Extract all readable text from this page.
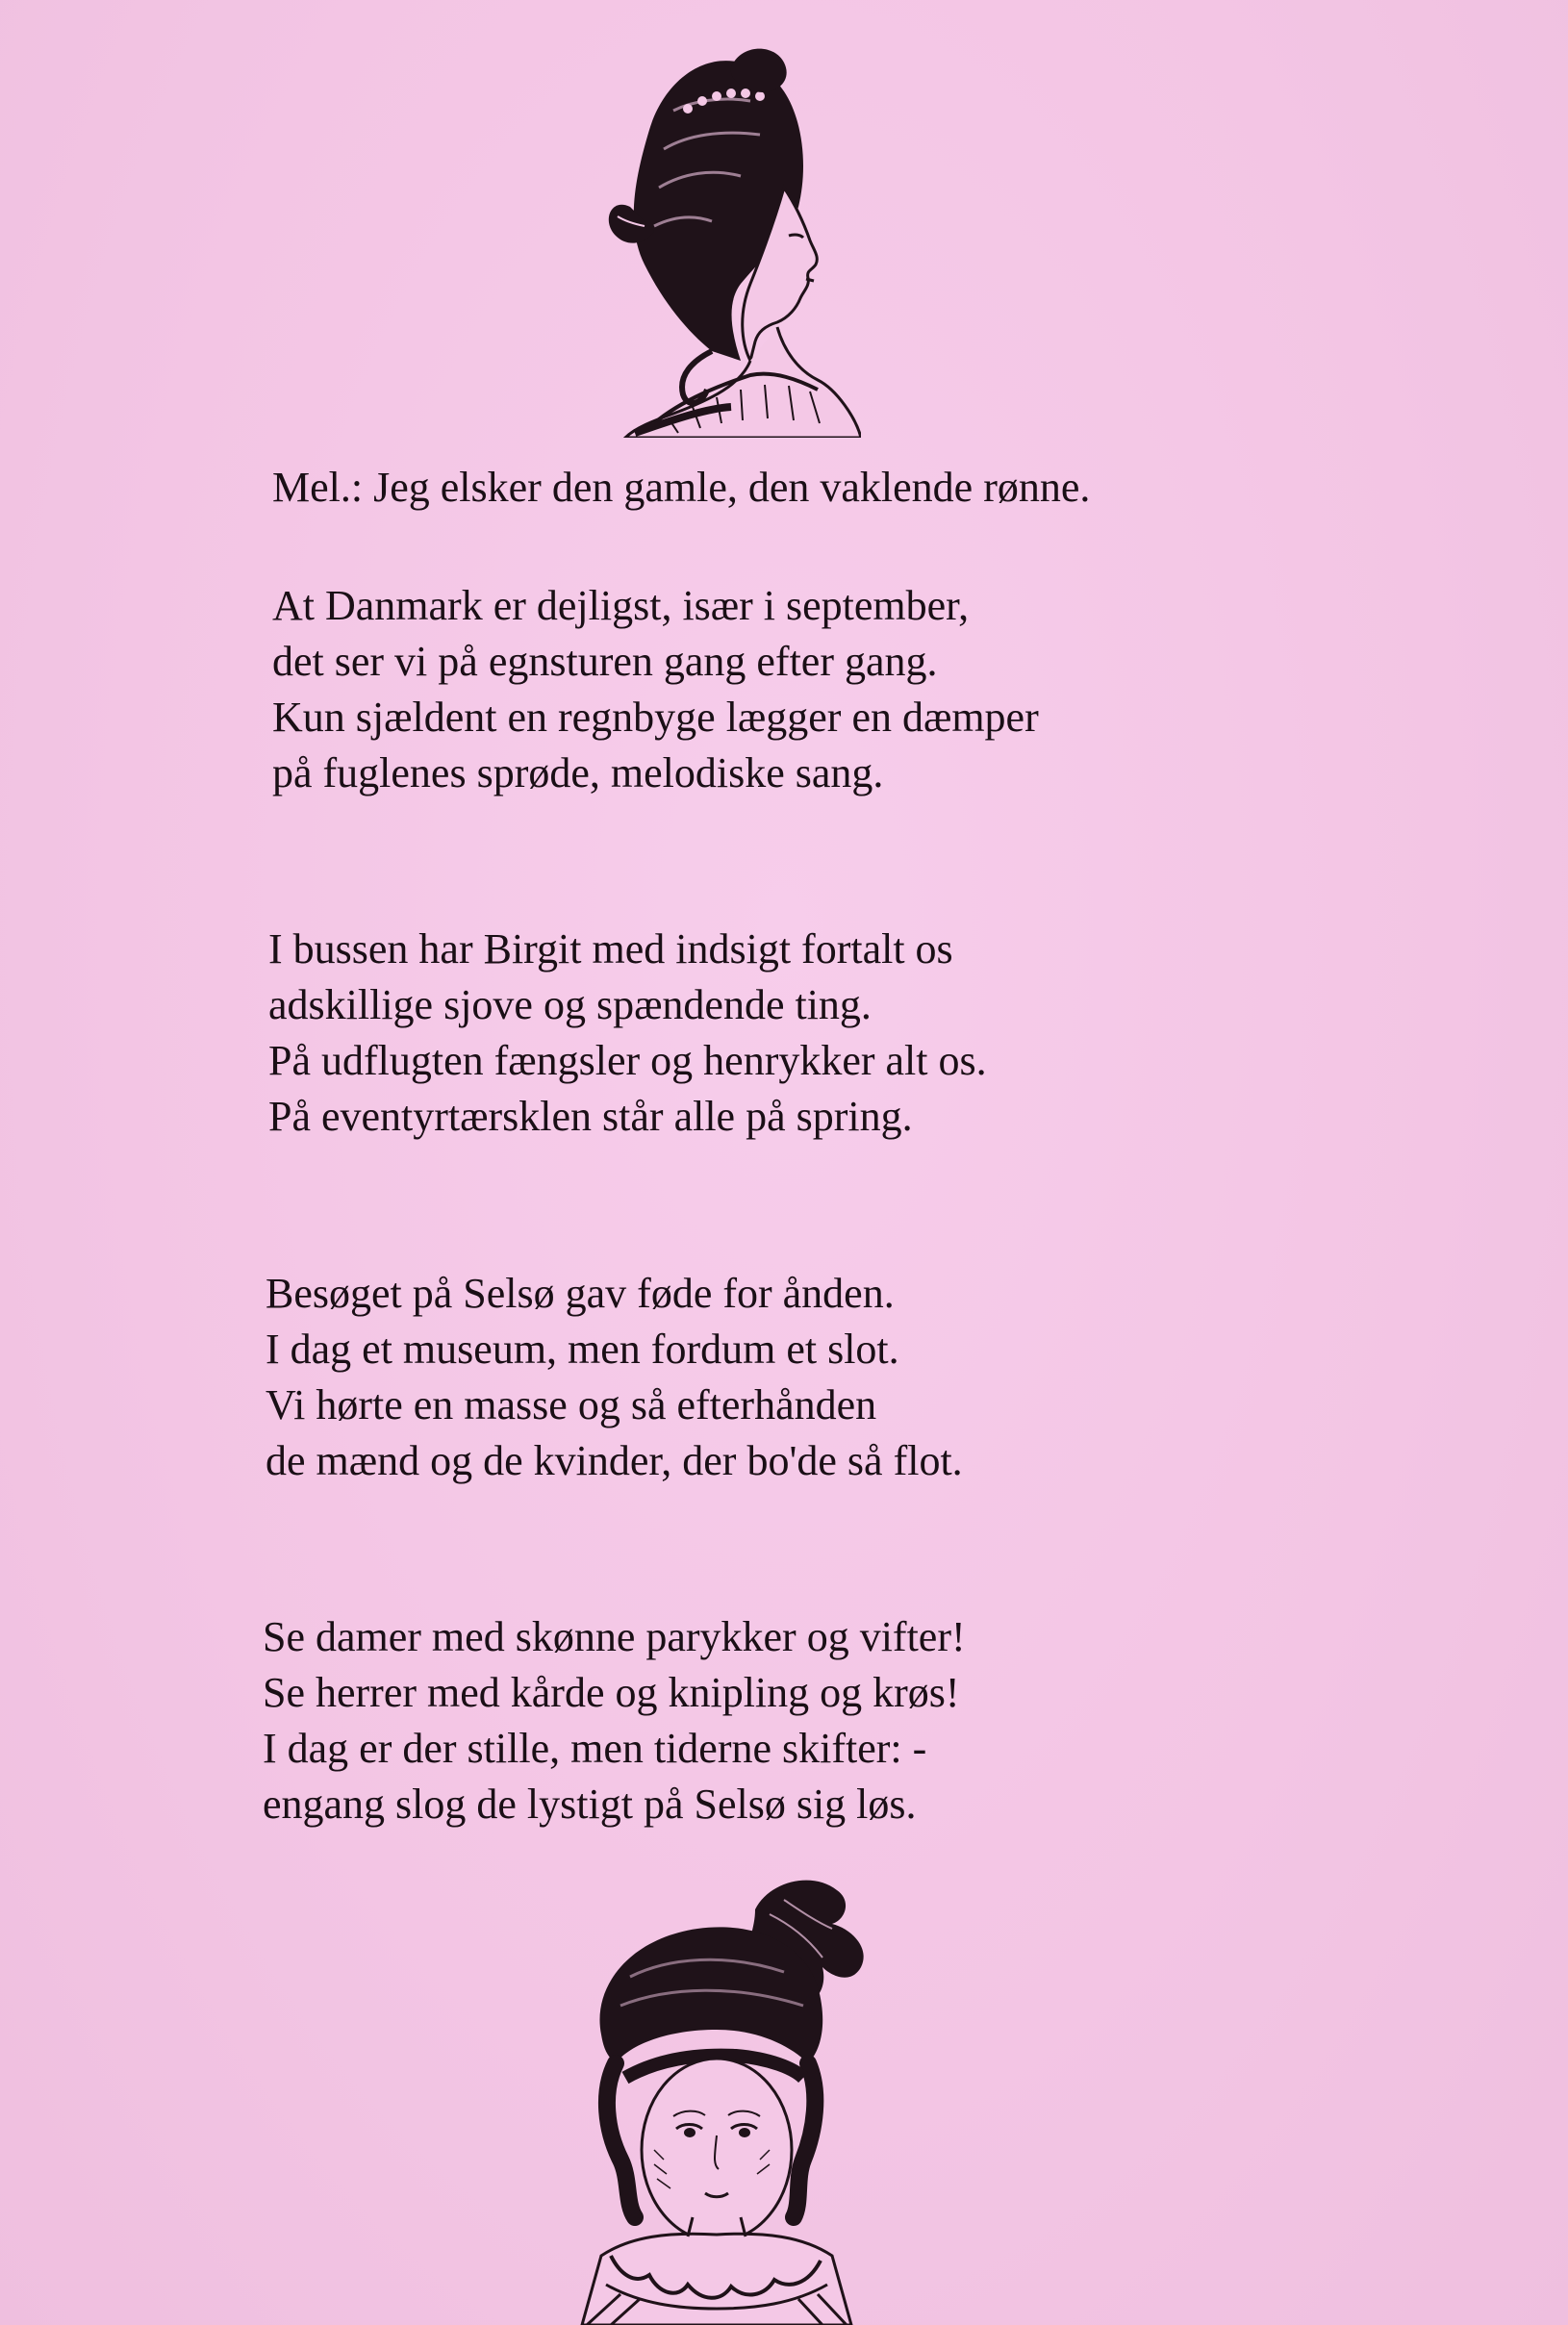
Mel.: Jeg elsker den gamle, den vaklende rønne.
At Danmark er dejligst, især i september,
det ser vi på egnsturen gang efter gang.
Kun sjældent en regnbyge lægger en dæmper
på fuglenes sprøde, melodiske sang.
I bussen har Birgit med indsigt fortalt os
adskillige sjove og spændende ting.
På udflugten fængsler og henrykker alt os.
På eventyrtærsklen står alle på spring.
Besøget på Selsø gav føde for ånden.
I dag et museum, men fordum et slot.
Vi hørte en masse og så efterhånden
de mænd og de kvinder, der bo'de så flot.
Se damer med skønne parykker og vifter!
Se herrer med kårde og knipling og krøs!
I dag er der stille, men tiderne skifter: -
engang slog de lystigt på Selsø sig løs.
